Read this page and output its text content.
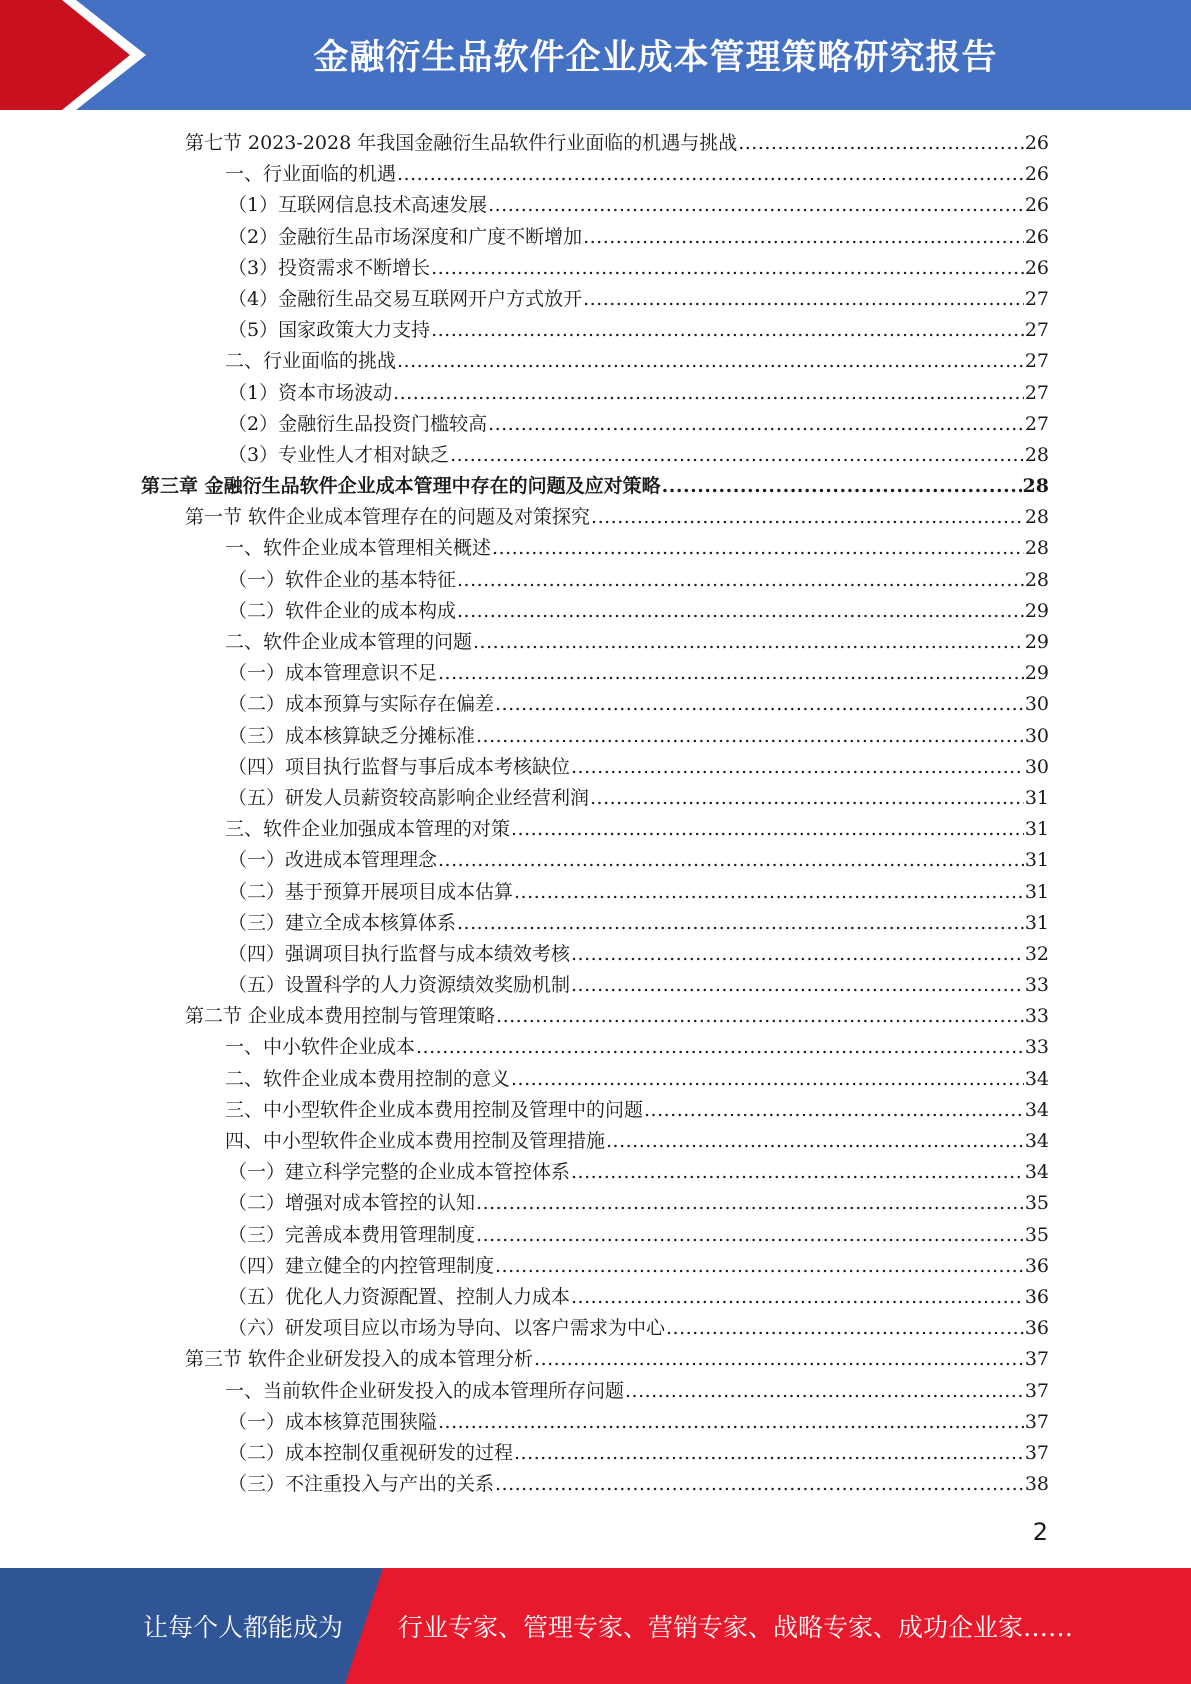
金融衍生品软件企业成本管理策略研究报告
第七节 2023-2028 年我国金融衍生品软件行业面临的机遇与挑战 .....	26
一、行业面临的机遇 .....	26
（1）互联网信息技术高速发展 .....	26
（2）金融衍生品市场深度和广度不断增加 .....	26
（3）投资需求不断增长 .....	26
（4）金融衍生品交易互联网开户方式放开 .....	27
（5）国家政策大力支持 .....	27
二、行业面临的挑战 .....	27
（1）资本市场波动 .....	27
（2）金融衍生品投资门槛较高 .....	27
（3）专业性人才相对缺乏 .....	28
第三章 金融衍生品软件企业成本管理中存在的问题及应对策略 .....	28
第一节 软件企业成本管理存在的问题及对策探究 .....	28
一、软件企业成本管理相关概述 .....	28
（一）软件企业的基本特征 .....	28
（二）软件企业的成本构成 .....	29
二、软件企业成本管理的问题 .....	29
（一）成本管理意识不足 .....	29
（二）成本预算与实际存在偏差 .....	30
（三）成本核算缺乏分摊标准 .....	30
（四）项目执行监督与事后成本考核缺位 .....	30
（五）研发人员薪资较高影响企业经营利润 .....	31
三、软件企业加强成本管理的对策 .....	31
（一）改进成本管理理念 .....	31
（二）基于预算开展项目成本估算 .....	31
（三）建立全成本核算体系 .....	31
（四）强调项目执行监督与成本绩效考核 .....	32
（五）设置科学的人力资源绩效奖励机制 .....	33
第二节 企业成本费用控制与管理策略 .....	33
一、中小软件企业成本 .....	33
二、软件企业成本费用控制的意义 .....	34
三、中小型软件企业成本费用控制及管理中的问题 .....	34
四、中小型软件企业成本费用控制及管理措施 .....	34
（一）建立科学完整的企业成本管控体系 .....	34
（二）增强对成本管控的认知 .....	35
（三）完善成本费用管理制度 .....	35
（四）建立健全的内控管理制度 .....	36
（五）优化人力资源配置、控制人力成本 .....	36
（六）研发项目应以市场为导向、以客户需求为中心 .....	36
第三节 软件企业研发投入的成本管理分析 .....	37
一、当前软件企业研发投入的成本管理所存问题 .....	37
（一）成本核算范围狭隘 .....	37
（二）成本控制仅重视研发的过程 .....	37
（三）不注重投入与产出的关系 .....	38
2
让每个人都能成为 行业专家、管理专家、营销专家、战略专家、成功企业家……
